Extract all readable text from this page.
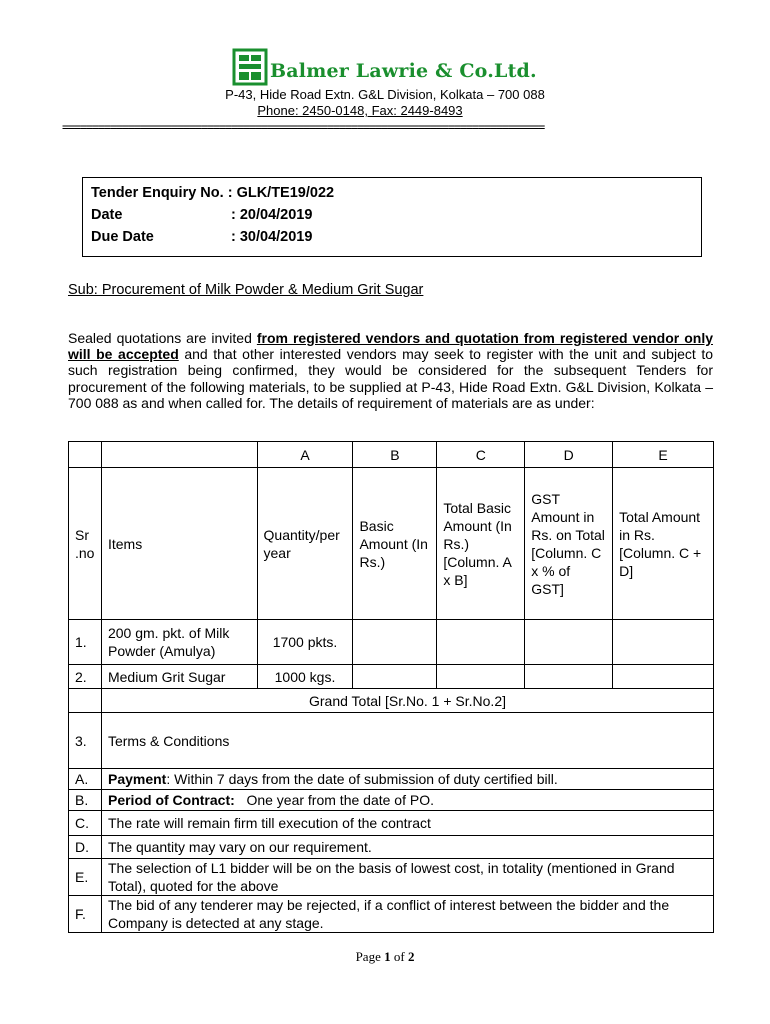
Balmer Lawrie & Co.Ltd.
P-43, Hide Road Extn. G&L Division, Kolkata – 700 088
Phone: 2450-0148, Fax: 2449-8493
================================================================================
Tender Enquiry No. : GLK/TE19/022
Date	: 20/04/2019
Due Date	: 30/04/2019
Sub: Procurement of Milk Powder & Medium Grit Sugar
Sealed quotations are invited from registered vendors and quotation from registered vendor only will be accepted and that other interested vendors may seek to register with the unit and subject to such registration being confirmed, they would be considered for the subsequent Tenders for procurement of the following materials, to be supplied at P-43, Hide Road Extn. G&L Division, Kolkata – 700 088 as and when called for. The details of requirement of materials are as under:
		A	B	C	D	E
Sr .no	Items	Quantity/per year	Basic Amount (In Rs.)	Total Basic Amount (In Rs.) [Column. A x B]	GST Amount in Rs. on Total [Column. C x % of GST]	Total Amount in Rs. [Column. C + D]
1.	200 gm. pkt. of Milk Powder (Amulya)	1700 pkts.				
2.	Medium Grit Sugar	1000 kgs.				
	Grand Total [Sr.No. 1 + Sr.No.2]					
3.	Terms & Conditions					
A.	Payment: Within 7 days from the date of submission of duty certified bill.					
B.	Period of Contract: One year from the date of PO.					
C.	The rate will remain firm till execution of the contract					
D.	The quantity may vary on our requirement.					
E.	The selection of L1 bidder will be on the basis of lowest cost, in totality (mentioned in Grand Total), quoted for the above					
F.	The bid of any tenderer may be rejected, if a conflict of interest between the bidder and the Company is detected at any stage.					
Page 1 of 2
